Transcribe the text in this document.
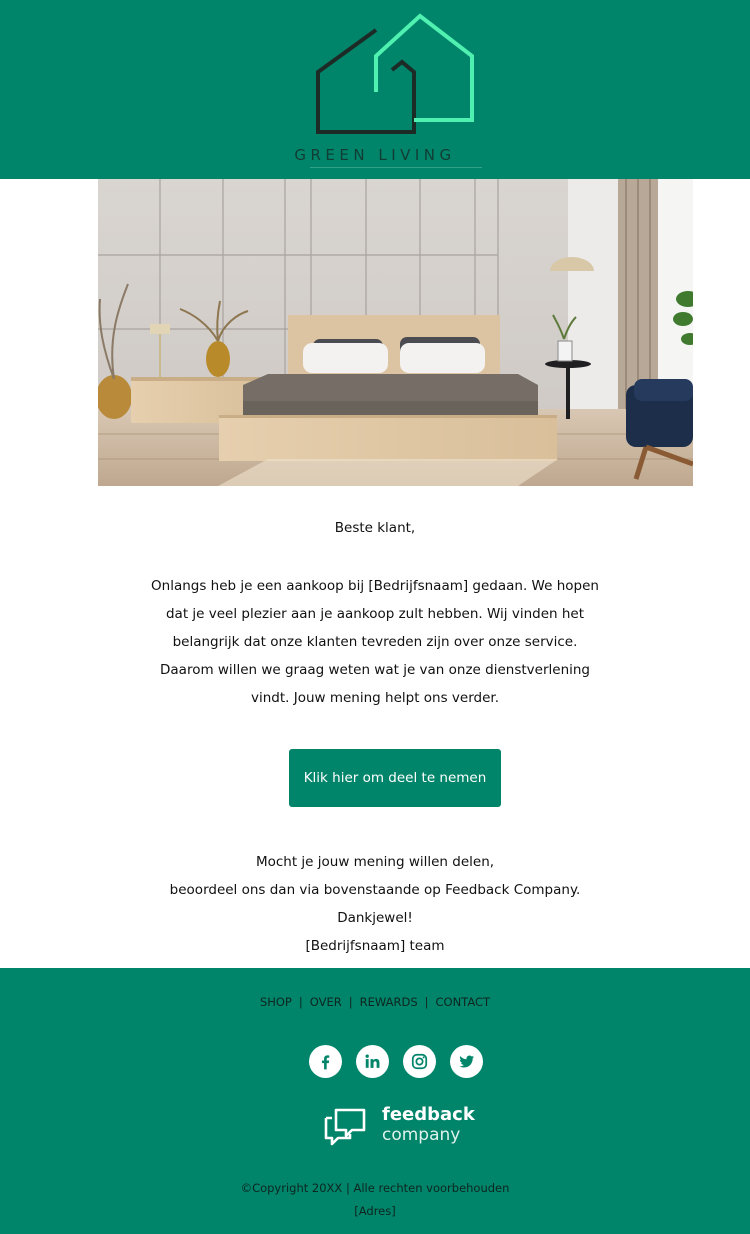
GREEN LIVING
Beste klant,
Onlangs heb je een aankoop bij [Bedrijfsnaam] gedaan. We hopen
dat je veel plezier aan je aankoop zult hebben. Wij vinden het
belangrijk dat onze klanten tevreden zijn over onze service.
Daarom willen we graag weten wat je van onze dienstverlening
vindt. Jouw mening helpt ons verder.
Klik hier om deel te nemen
Mocht je jouw mening willen delen,
beoordeel ons dan via bovenstaande op Feedback Company.
Dankjewel!
[Bedrijfsnaam] team
SHOP | OVER | REWARDS | CONTACT
feedback
company
©Copyright 20XX | Alle rechten voorbehouden
[Adres]
